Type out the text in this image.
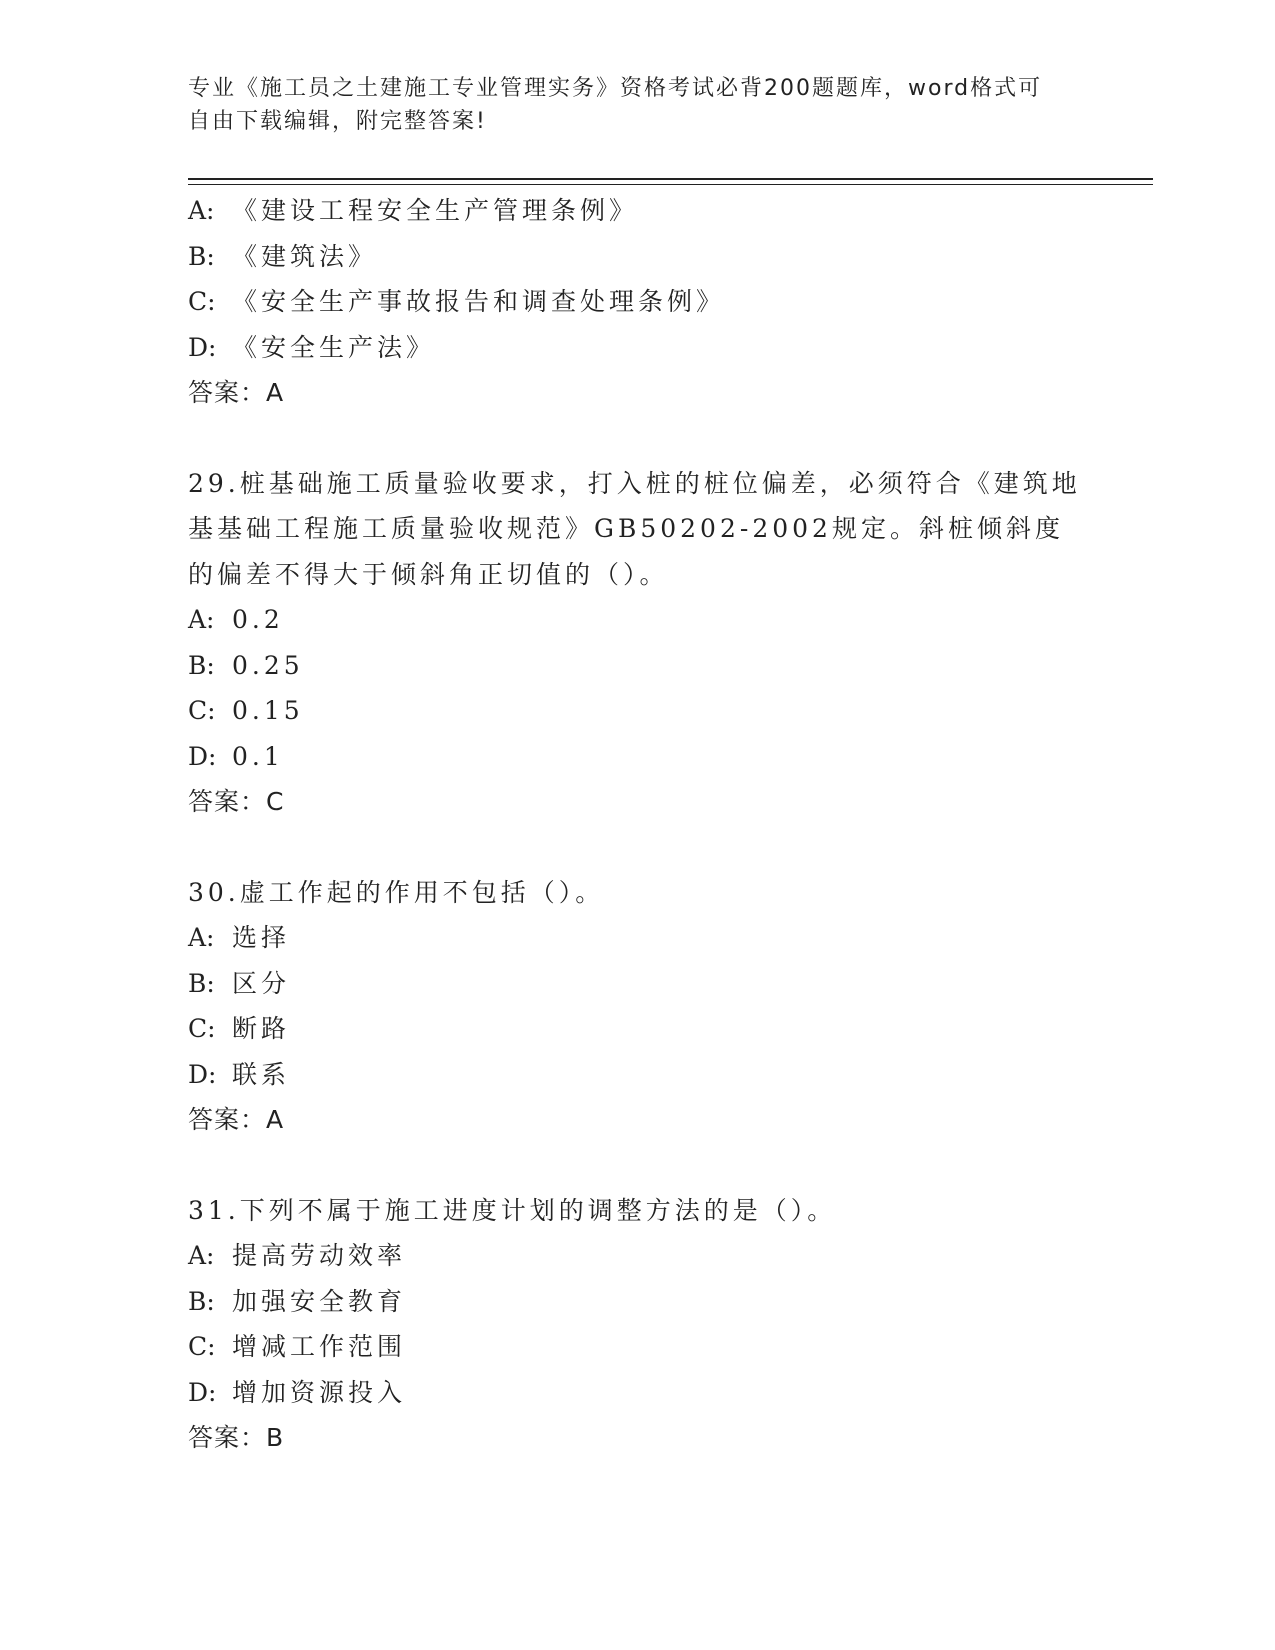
专业《施工员之土建施工专业管理实务》资格考试必背200题题库，word格式可
自由下载编辑，附完整答案!
A: 《建设工程安全生产管理条例》
B: 《建筑法》
C: 《安全生产事故报告和调查处理条例》
D: 《安全生产法》
答案：A
29.桩基础施工质量验收要求，打入桩的桩位偏差，必须符合《建筑地基基础工程施工质量验收规范》GB50202-2002规定。斜桩倾斜度的偏差不得大于倾斜角正切值的（）。
A: 0.2
B: 0.25
C: 0.15
D: 0.1
答案：C
30.虚工作起的作用不包括（）。
A: 选择
B: 区分
C: 断路
D: 联系
答案：A
31.下列不属于施工进度计划的调整方法的是（）。
A: 提高劳动效率
B: 加强安全教育
C: 增减工作范围
D: 增加资源投入
答案：B
